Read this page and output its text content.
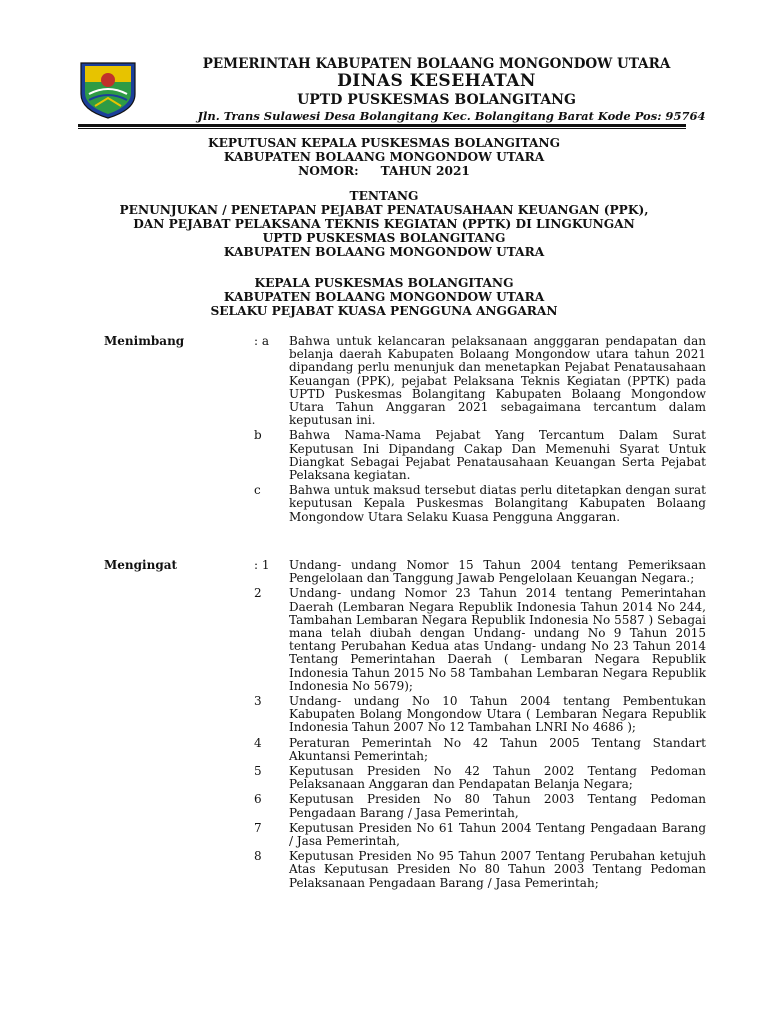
PEMERINTAH KABUPATEN BOLAANG MONGONDOW UTARA
DINAS KESEHATAN
UPTD PUSKESMAS BOLANGITANG
Jln. Trans Sulawesi Desa Bolangitang Kec. Bolangitang Barat Kode Pos: 95764
KEPUTUSAN KEPALA PUSKESMAS BOLANGITANG
KABUPATEN BOLAANG MONGONDOW UTARA
NOMOR: TAHUN 2021
TENTANG
PENUNJUKAN / PENETAPAN PEJABAT PENATAUSAHAAN KEUANGAN (PPK),
DAN PEJABAT PELAKSANA TEKNIS KEGIATAN (PPTK) DI LINGKUNGAN
UPTD PUSKESMAS BOLANGITANG
KABUPATEN BOLAANG MONGONDOW UTARA
KEPALA PUSKESMAS BOLANGITANG
KABUPATEN BOLAANG MONGONDOW UTARA
SELAKU PEJABAT KUASA PENGGUNA ANGGARAN
Menimbang	: a	Bahwa untuk kelancaran pelaksanaan angggaran pendapatan dan belanja daerah Kabupaten Bolaang Mongondow utara tahun 2021 dipandang perlu menunjuk dan menetapkan Pejabat Penatausahaan Keuangan (PPK), pejabat Pelaksana Teknis Kegiatan (PPTK) pada UPTD Puskesmas Bolangitang Kabupaten Bolaang Mongondow Utara Tahun Anggaran 2021 sebagaimana tercantum dalam keputusan ini.
b	Bahwa Nama-Nama Pejabat Yang Tercantum Dalam Surat Keputusan Ini Dipandang Cakap Dan Memenuhi Syarat Untuk Diangkat Sebagai Pejabat Penatausahaan Keuangan Serta Pejabat Pelaksana kegiatan.
c	Bahwa untuk maksud tersebut diatas perlu ditetapkan dengan surat keputusan Kepala Puskesmas Bolangitang Kabupaten Bolaang Mongondow Utara Selaku Kuasa Pengguna Anggaran.
Mengingat	: 1	Undang- undang Nomor 15 Tahun 2004 tentang Pemeriksaan Pengelolaan dan Tanggung Jawab Pengelolaan Keuangan Negara.;
2	Undang- undang Nomor 23 Tahun 2014 tentang Pemerintahan Daerah (Lembaran Negara Republik Indonesia Tahun 2014 No 244, Tambahan Lembaran Negara Republik Indonesia No 5587 ) Sebagai mana telah diubah dengan Undang- undang No 9 Tahun 2015 tentang Perubahan Kedua atas Undang- undang No 23 Tahun 2014 Tentang Pemerintahan Daerah ( Lembaran Negara Republik Indonesia Tahun 2015 No 58 Tambahan Lembaran Negara Republik Indonesia No 5679);
3	Undang- undang No 10 Tahun 2004 tentang Pembentukan Kabupaten Bolang Mongondow Utara ( Lembaran Negara Republik Indonesia Tahun 2007 No 12 Tambahan LNRI No 4686 );
4	Peraturan Pemerintah No 42 Tahun 2005 Tentang Standart Akuntansi Pemerintah;
5	Keputusan Presiden No 42 Tahun 2002 Tentang Pedoman Pelaksanaan Anggaran dan Pendapatan Belanja Negara;
6	Keputusan Presiden No 80 Tahun 2003 Tentang Pedoman Pengadaan Barang / Jasa Pemerintah,
7	Keputusan Presiden No 61 Tahun 2004 Tentang Pengadaan Barang / Jasa Pemerintah,
8	Keputusan Presiden No 95 Tahun 2007 Tentang Perubahan ketujuh Atas Keputusan Presiden No 80 Tahun 2003 Tentang Pedoman Pelaksanaan Pengadaan Barang / Jasa Pemerintah;
